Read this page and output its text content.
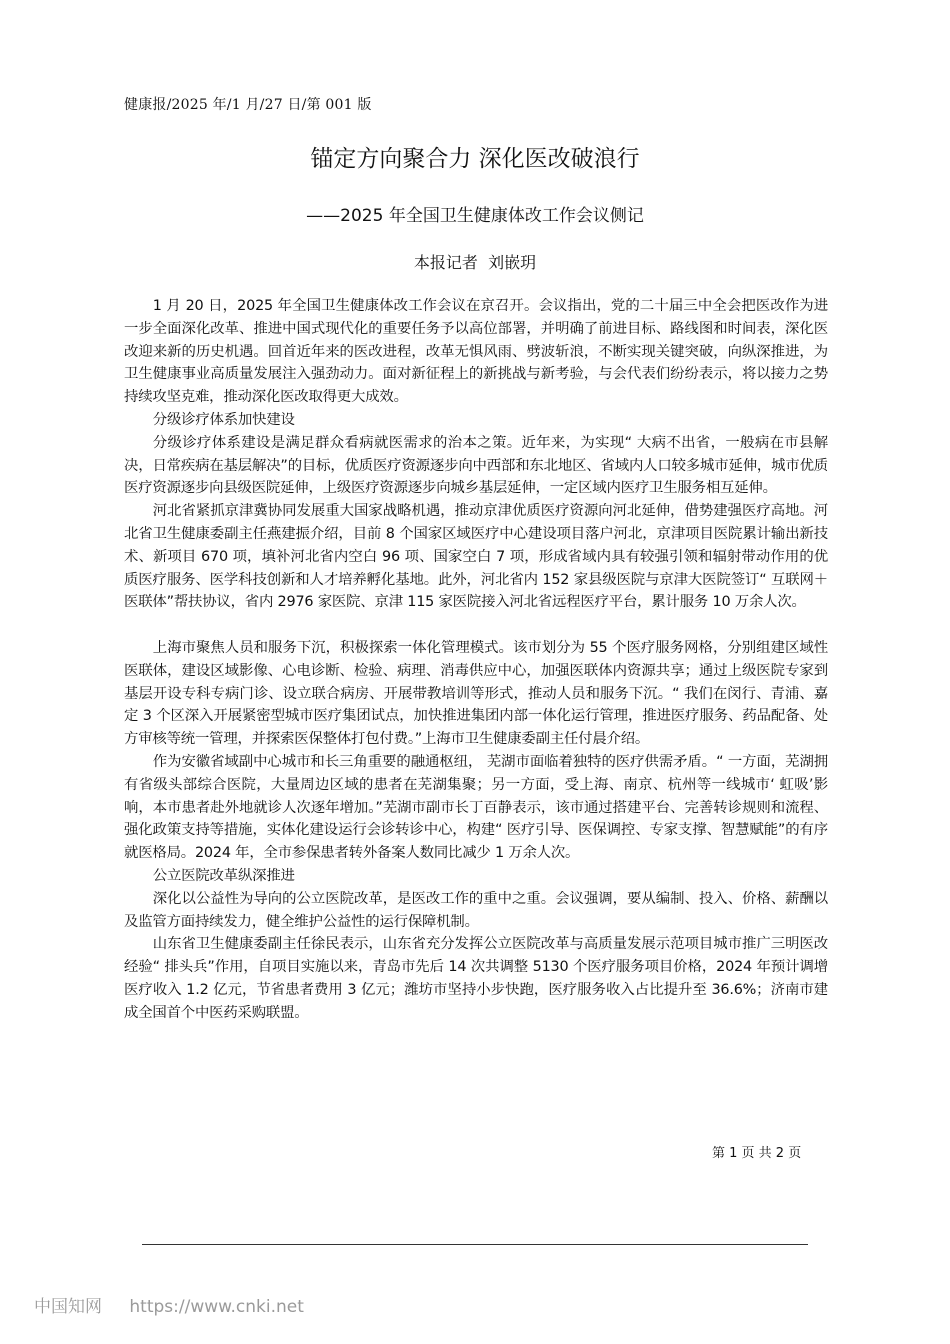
健康报/2025 年/1 月/27 日/第 001 版
锚定方向聚合力 深化医改破浪行
——2025 年全国卫生健康体改工作会议侧记
本报记者  刘嵌玥

1 月 20 日，2025 年全国卫生健康体改工作会议在京召开。会议指出，党的二十届三中全会把医改作为进一步全面深化改革、推进中国式现代化的重要任务予以高位部署，并明确了前进目标、路线图和时间表，深化医改迎来新的历史机遇。回首近年来的医改进程，改革无惧风雨、劈波斩浪，不断实现关键突破，向纵深推进，为卫生健康事业高质量发展注入强劲动力。面对新征程上的新挑战与新考验，与会代表们纷纷表示，将以接力之势持续攻坚克难，推动深化医改取得更大成效。

分级诊疗体系加快建设

分级诊疗体系建设是满足群众看病就医需求的治本之策。近年来，为实现“ 大病不出省，一般病在市县解决，日常疾病在基层解决”的目标，优质医疗资源逐步向中西部和东北地区、省域内人口较多城市延伸，城市优质医疗资源逐步向县级医院延伸，上级医疗资源逐步向城乡基层延伸，一定区域内医疗卫生服务相互延伸。

河北省紧抓京津冀协同发展重大国家战略机遇，推动京津优质医疗资源向河北延伸，借势建强医疗高地。河北省卫生健康委副主任燕建振介绍，目前 8 个国家区域医疗中心建设项目落户河北，京津项目医院累计输出新技术、新项目 670 项，填补河北省内空白 96 项、国家空白 7 项，形成省域内具有较强引领和辐射带动作用的优质医疗服务、医学科技创新和人才培养孵化基地。此外，河北省内 152 家县级医院与京津大医院签订“ 互联网＋医联体”帮扶协议，省内 2976 家医院、京津 115 家医院接入河北省远程医疗平台，累计服务 10 万余人次。

上海市聚焦人员和服务下沉，积极探索一体化管理模式。该市划分为 55 个医疗服务网格，分别组建区域性医联体，建设区域影像、心电诊断、检验、病理、消毒供应中心，加强医联体内资源共享；通过上级医院专家到基层开设专科专病门诊、设立联合病房、开展带教培训等形式，推动人员和服务下沉。“ 我们在闵行、青浦、嘉定 3 个区深入开展紧密型城市医疗集团试点，加快推进集团内部一体化运行管理，推进医疗服务、药品配备、处方审核等统一管理，并探索医保整体打包付费。”上海市卫生健康委副主任付晨介绍。

作为安徽省域副中心城市和长三角重要的融通枢纽， 芜湖市面临着独特的医疗供需矛盾。“ 一方面，芜湖拥有省级头部综合医院，大量周边区域的患者在芜湖集聚；另一方面，受上海、南京、杭州等一线城市‘ 虹吸’影响，本市患者赴外地就诊人次逐年增加。”芜湖市副市长丁百静表示，该市通过搭建平台、完善转诊规则和流程、强化政策支持等措施，实体化建设运行会诊转诊中心，构建“ 医疗引导、医保调控、专家支撑、智慧赋能”的有序就医格局。2024 年，全市参保患者转外备案人数同比减少 1 万余人次。

公立医院改革纵深推进

深化以公益性为导向的公立医院改革，是医改工作的重中之重。会议强调，要从编制、投入、价格、薪酬以及监管方面持续发力，健全维护公益性的运行保障机制。

山东省卫生健康委副主任徐民表示，山东省充分发挥公立医院改革与高质量发展示范项目城市推广三明医改经验“ 排头兵”作用，自项目实施以来，青岛市先后 14 次共调整 5130 个医疗服务项目价格，2024 年预计调增医疗收入 1.2 亿元，节省患者费用 3 亿元；潍坊市坚持小步快跑，医疗服务收入占比提升至 36.6%；济南市建成全国首个中医药采购联盟。

第 1 页 共 2 页
中国知网 https://www.cnki.net
